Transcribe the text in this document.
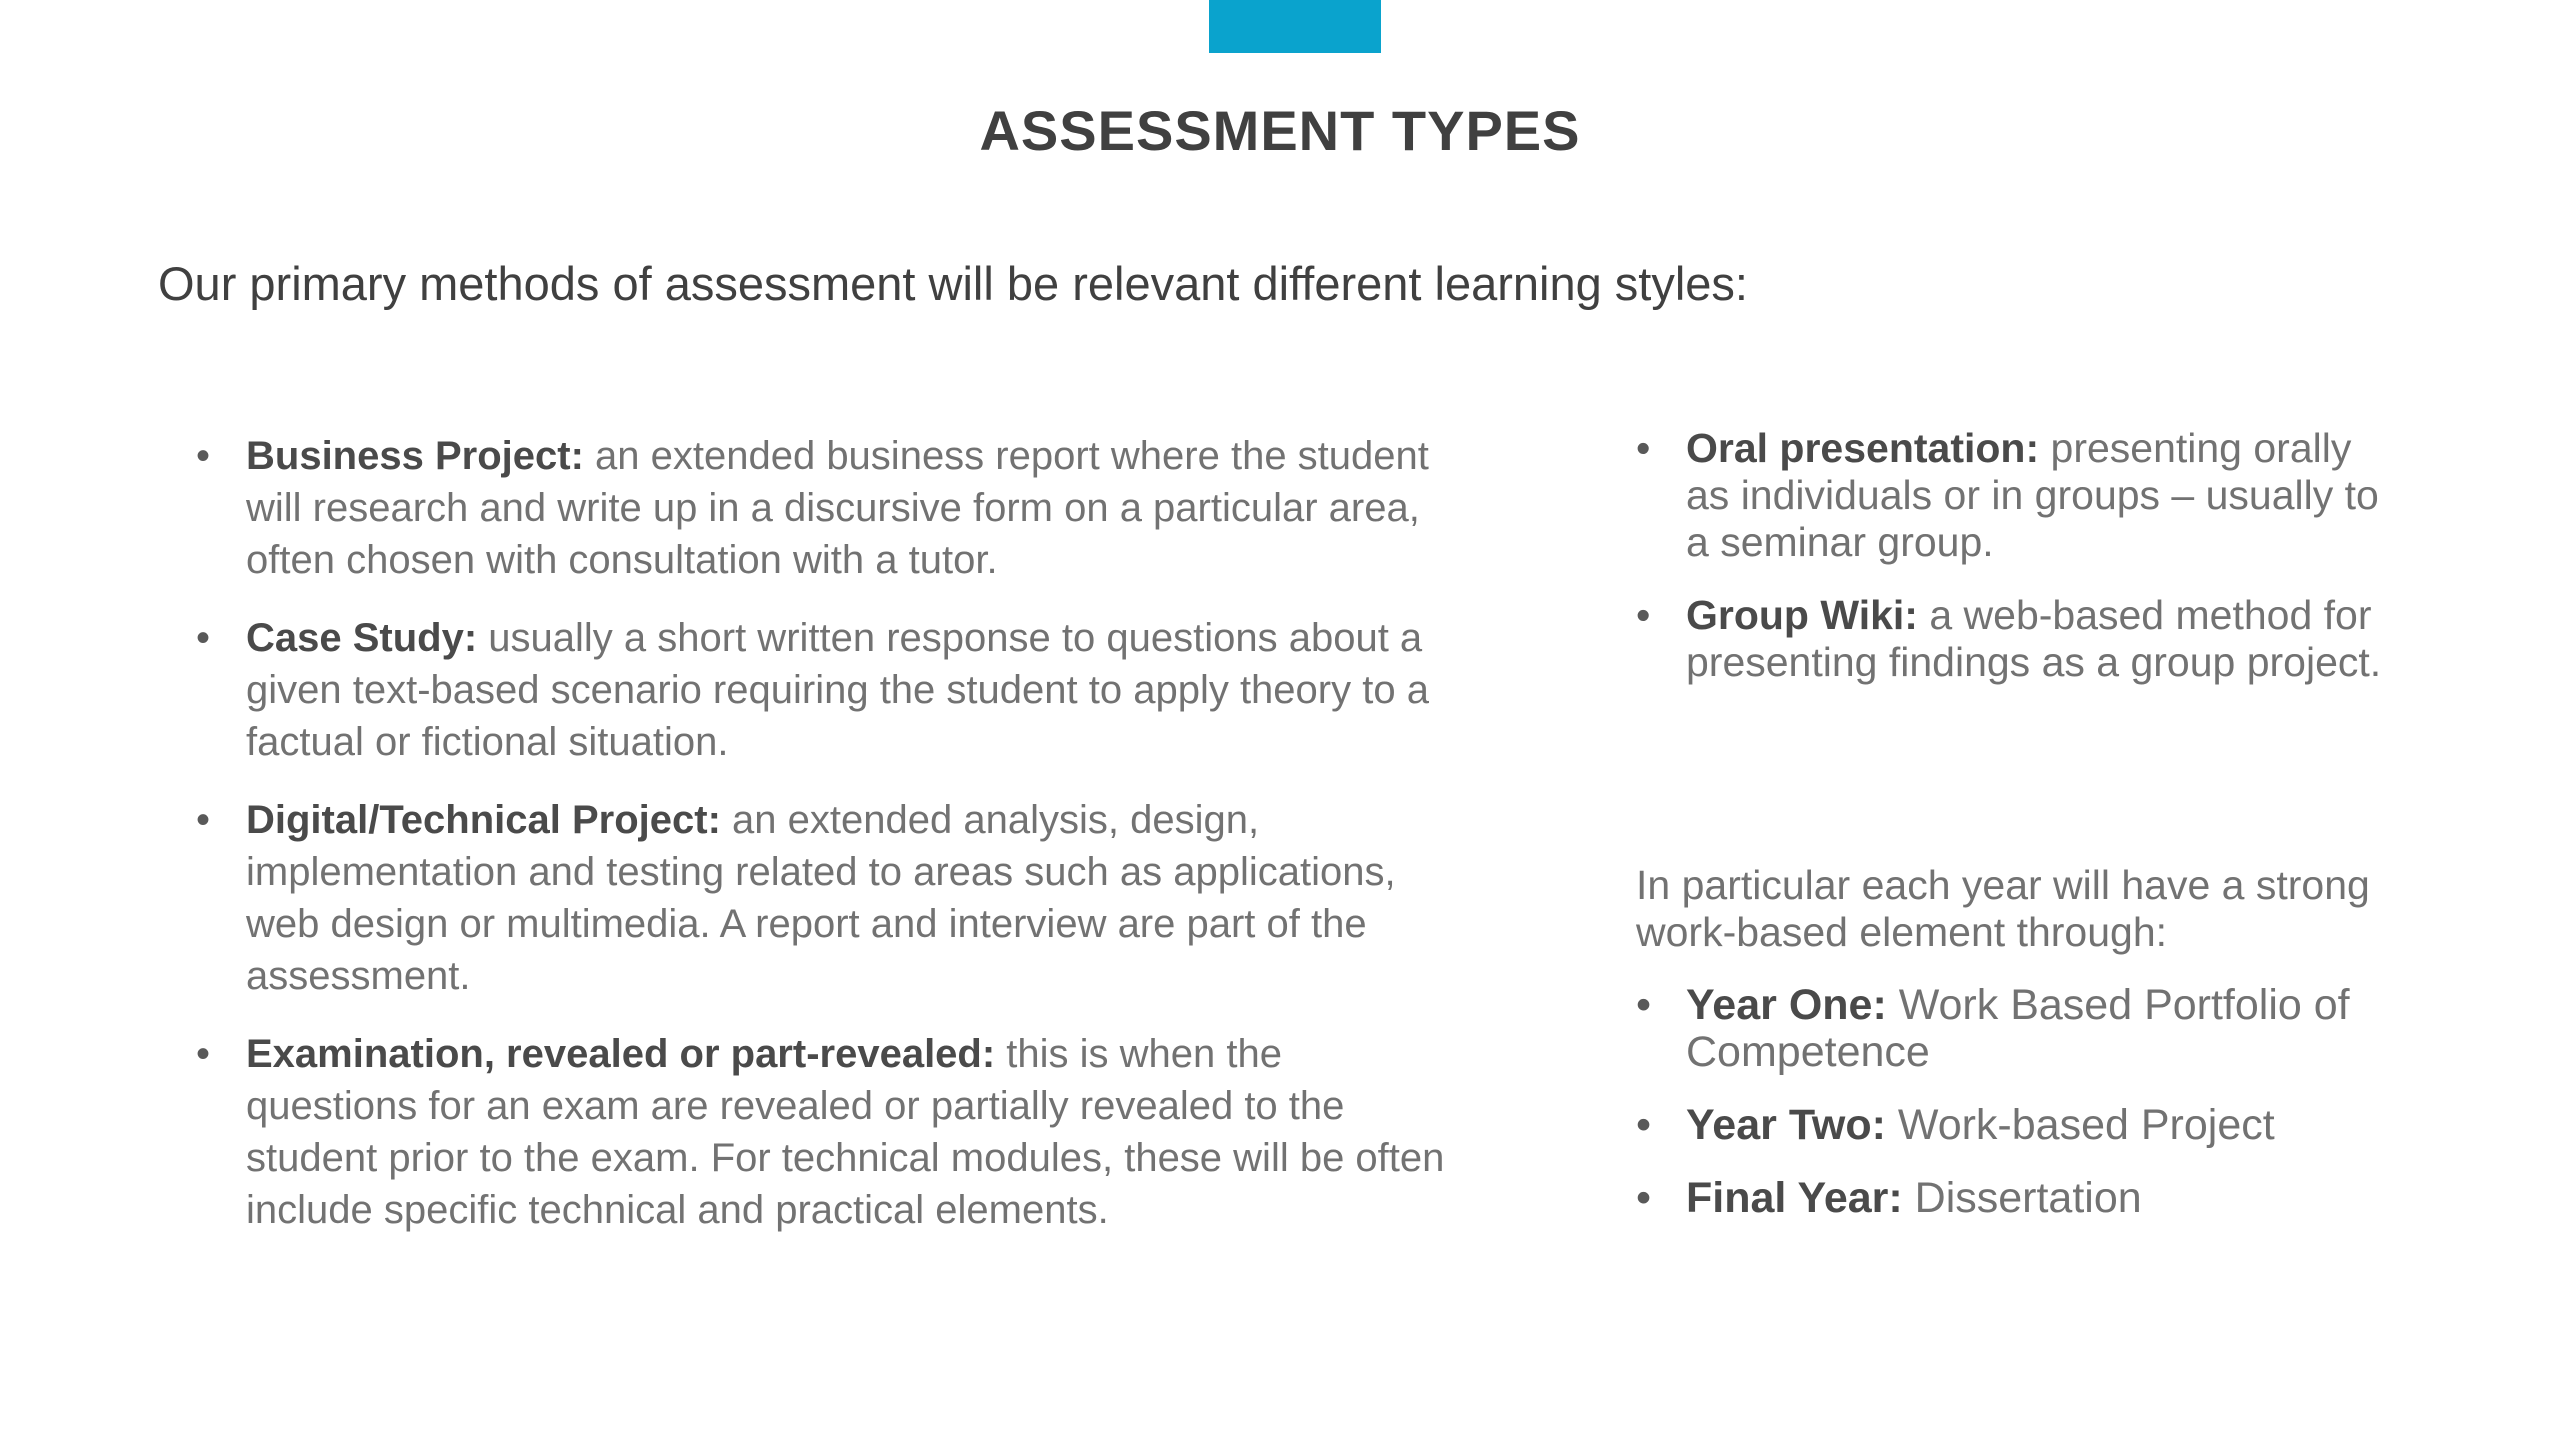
ASSESSMENT TYPES
Our primary methods of assessment will be relevant different learning styles:
• Business Project: an extended business report where the student will research and write up in a discursive form on a particular area, often chosen with consultation with a tutor.
• Case Study: usually a short written response to questions about a given text-based scenario requiring the student to apply theory to a factual or fictional situation.
• Digital/Technical Project: an extended analysis, design, implementation and testing related to areas such as applications, web design or multimedia. A report and interview are part of the assessment.
• Examination, revealed or part-revealed: this is when the questions for an exam are revealed or partially revealed to the student prior to the exam. For technical modules, these will be often include specific technical and practical elements.
• Oral presentation: presenting orally as individuals or in groups – usually to a seminar group.
• Group Wiki: a web-based method for presenting findings as a group project.
In particular each year will have a strong work-based element through:
• Year One: Work Based Portfolio of Competence
• Year Two: Work-based Project
• Final Year: Dissertation
